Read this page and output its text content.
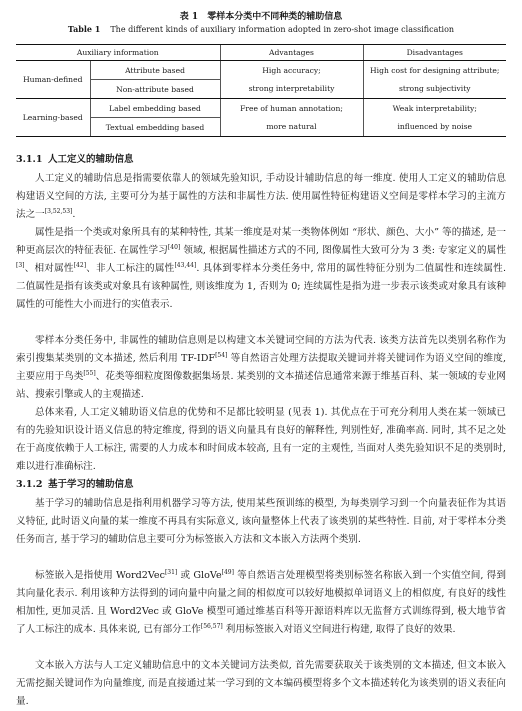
表 1　零样本分类中不同种类的辅助信息
Table 1 The different kinds of auxiliary information adopted in zero-shot image classification
Auxiliary information		Advantages	Disadvantages
Human-defined	Attribute based	High accuracy;	High cost for designing attribute;
	Non-attribute based	strong interpretability	strong subjectivity
Learning-based	Label embedding based	Free of human annotation;	Weak interpretability;
	Textual embedding based	more natural	influenced by noise
3.1.1 人工定义的辅助信息

人工定义的辅助信息是指需要依靠人的领域先验知识, 手动设计辅助信息的每一维度. 使用人工定义的辅助信息构建语义空间的方法, 主要可分为基于属性的方法和非属性方法. 使用属性特征构建语义空间是零样本学习的主流方法之一[3,52,53].

属性是指一个类或对象所具有的某种特性, 其某一维度是对某一类物体例如 “形状、颜色、大小” 等的描述, 是一种更高层次的特征表征. 在属性学习[40] 领域, 根据属性描述方式的不同, 图像属性大致可分为 3 类: 专家定义的属性[3]、相对属性[42]、非人工标注的属性[43,44]. 具体到零样本分类任务中, 常用的属性特征分别为二值属性和连续属性. 二值属性是指有该类或对象具有该种属性, 则该维度为 1, 否则为 0; 连续属性是指为进一步表示该类或对象具有该种属性的可能性大小而进行的实值表示.

零样本分类任务中, 非属性的辅助信息则是以构建文本关键词空间的方法为代表. 该类方法首先以类别名称作为索引搜集某类别的文本描述, 然后利用 TF-IDF[54] 等自然语言处理方法提取关键词并将关键词作为语义空间的维度, 主要应用于鸟类[55]、花类等细粒度图像数据集场景. 某类别的文本描述信息通常来源于维基百科、某一领域的专业网站、搜索引擎或人的主观描述.

总体来看, 人工定义辅助语义信息的优势和不足都比较明显 (见表 1). 其优点在于可充分利用人类在某一领域已有的先验知识设计语义信息的特定维度, 得到的语义向量具有良好的解释性, 判别性好, 准确率高. 同时, 其不足之处在于高度依赖于人工标注, 需要的人力成本和时间成本较高, 且有一定的主观性, 当面对人类先验知识不足的类别时, 难以进行准确标注.

3.1.2 基于学习的辅助信息

基于学习的辅助信息是指利用机器学习等方法, 使用某些预训练的模型, 为每类别学习到一个向量表征作为其语义特征, 此时语义向量的某一维度不再具有实际意义, 该向量整体上代表了该类别的某些特性. 目前, 对于零样本分类任务而言, 基于学习的辅助信息主要可分为标签嵌入方法和文本嵌入方法两个类别.

标签嵌入是指使用 Word2Vec[31] 或 GloVe[49] 等自然语言处理模型将类别标签名称嵌入到一个实值空间, 得到其向量化表示. 利用该种方法得到的词向量中向量之间的相似度可以较好地模拟单词语义上的相似度, 有良好的线性相加性, 更加灵活. 且 Word2Vec 或 GloVe 模型可通过维基百科等开源语料库以无监督方式训练得到, 极大地节省了人工标注的成本. 具体来说, 已有部分工作[56,57] 利用标签嵌入对语义空间进行构建, 取得了良好的效果.

文本嵌入方法与人工定义辅助信息中的文本关键词方法类似, 首先需要获取关于该类别的文本描述, 但文本嵌入无需挖掘关键词作为向量维度, 而是直接通过某一学习到的文本编码模型将多个文本描述转化为该类别的语义表征向量.
